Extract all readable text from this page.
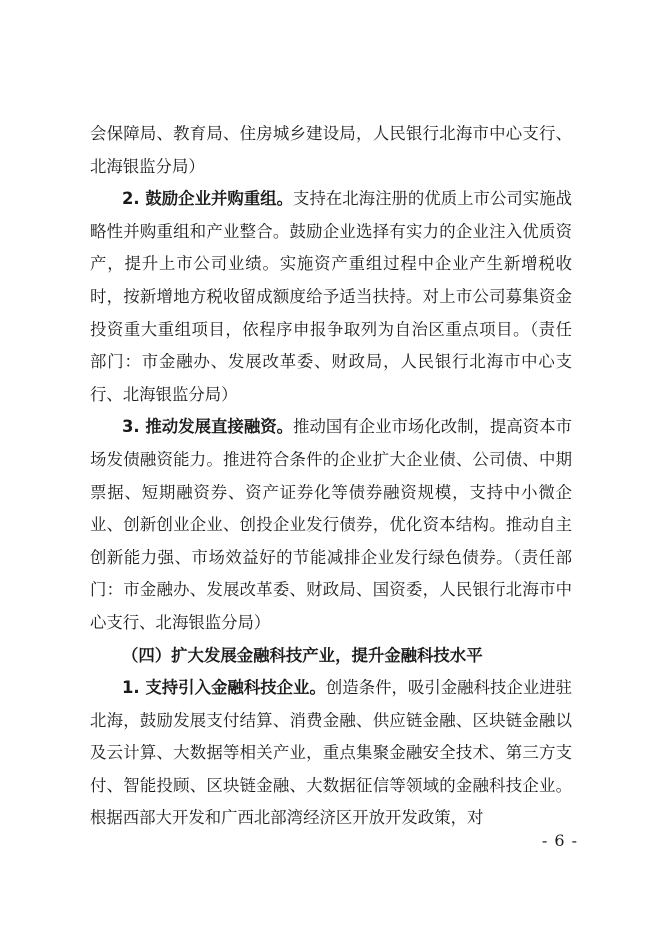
会保障局、教育局、住房城乡建设局，人民银行北海市中心支行、北海银监分局）

2. 鼓励企业并购重组。支持在北海注册的优质上市公司实施战略性并购重组和产业整合。鼓励企业选择有实力的企业注入优质资产，提升上市公司业绩。实施资产重组过程中企业产生新增税收时，按新增地方税收留成额度给予适当扶持。对上市公司募集资金投资重大重组项目，依程序申报争取列为自治区重点项目。（责任部门：市金融办、发展改革委、财政局，人民银行北海市中心支行、北海银监分局）

3. 推动发展直接融资。推动国有企业市场化改制，提高资本市场发债融资能力。推进符合条件的企业扩大企业债、公司债、中期票据、短期融资券、资产证券化等债券融资规模，支持中小微企业、创新创业企业、创投企业发行债券，优化资本结构。推动自主创新能力强、市场效益好的节能减排企业发行绿色债券。（责任部门：市金融办、发展改革委、财政局、国资委，人民银行北海市中心支行、北海银监分局）

（四）扩大发展金融科技产业，提升金融科技水平

1. 支持引入金融科技企业。创造条件，吸引金融科技企业进驻北海，鼓励发展支付结算、消费金融、供应链金融、区块链金融以及云计算、大数据等相关产业，重点集聚金融安全技术、第三方支付、智能投顾、区块链金融、大数据征信等领域的金融科技企业。根据西部大开发和广西北部湾经济区开放开发政策，对

- 6 -
